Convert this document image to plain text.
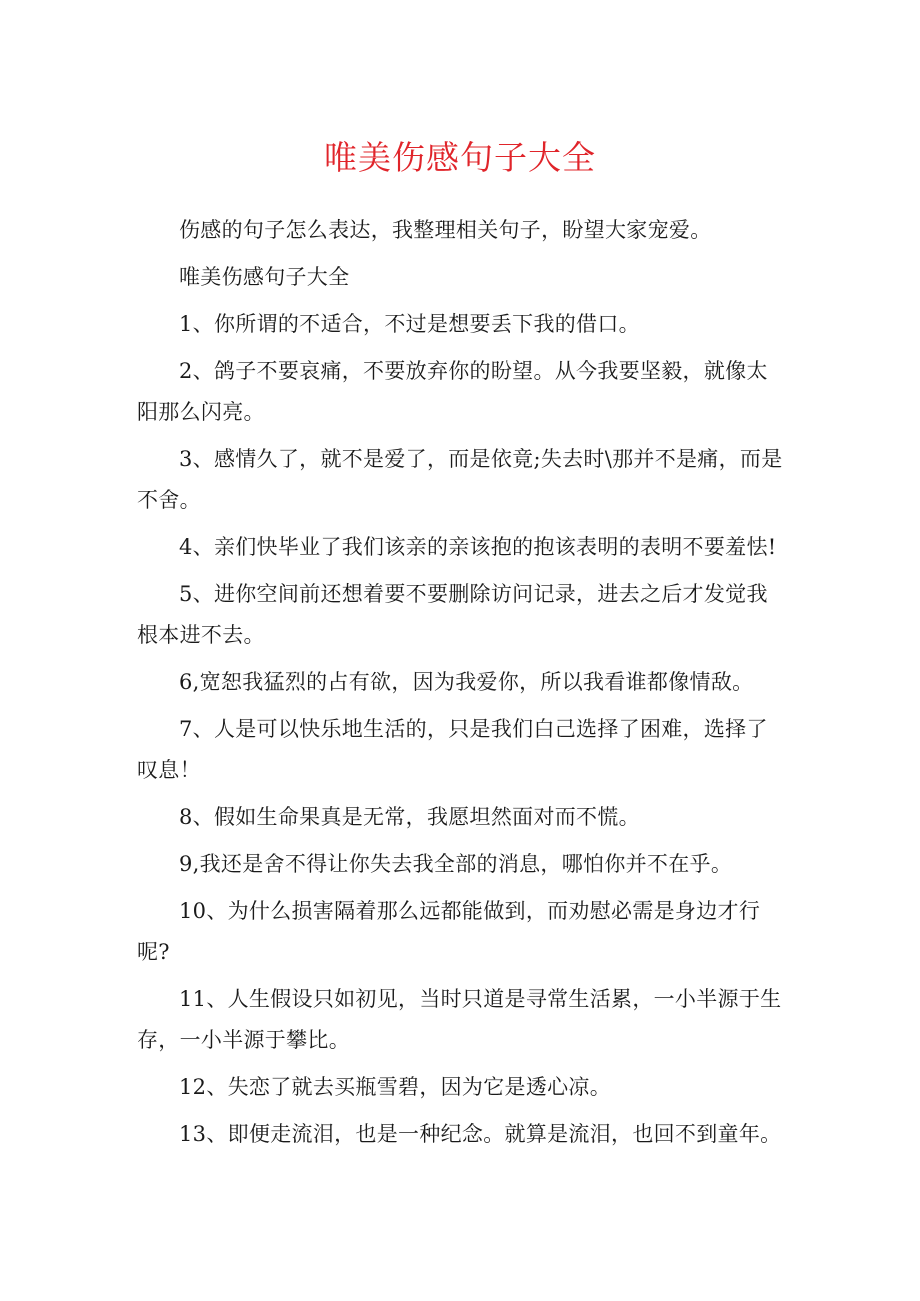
唯美伤感句子大全

伤感的句子怎么表达，我整理相关句子，盼望大家宠爱。

唯美伤感句子大全

1、你所谓的不适合，不过是想要丢下我的借口。

2、鸽子不要哀痛，不要放弃你的盼望。从今我要坚毅，就像太阳那么闪亮。

3、感情久了，就不是爱了，而是依竟;失去时\那并不是痛，而是不舍。

4、亲们快毕业了我们该亲的亲该抱的抱该表明的表明不要羞怯!

5、进你空间前还想着要不要删除访问记录，进去之后才发觉我根本进不去。

6,宽恕我猛烈的占有欲，因为我爱你，所以我看谁都像情敌。

7、人是可以快乐地生活的，只是我们白己选择了困难，选择了叹息！

8、假如生命果真是无常，我愿坦然面对而不慌。

9,我还是舍不得让你失去我全部的消息，哪怕你并不在乎。

10、为什么损害隔着那么远都能做到，而劝慰必需是身边才行呢?

11、人生假设只如初见，当时只道是寻常生活累，一小半源于生存，一小半源于攀比。

12、失恋了就去买瓶雪碧，因为它是透心凉。

13、即便走流泪，也是一种纪念。就算是流泪，也回不到童年。
